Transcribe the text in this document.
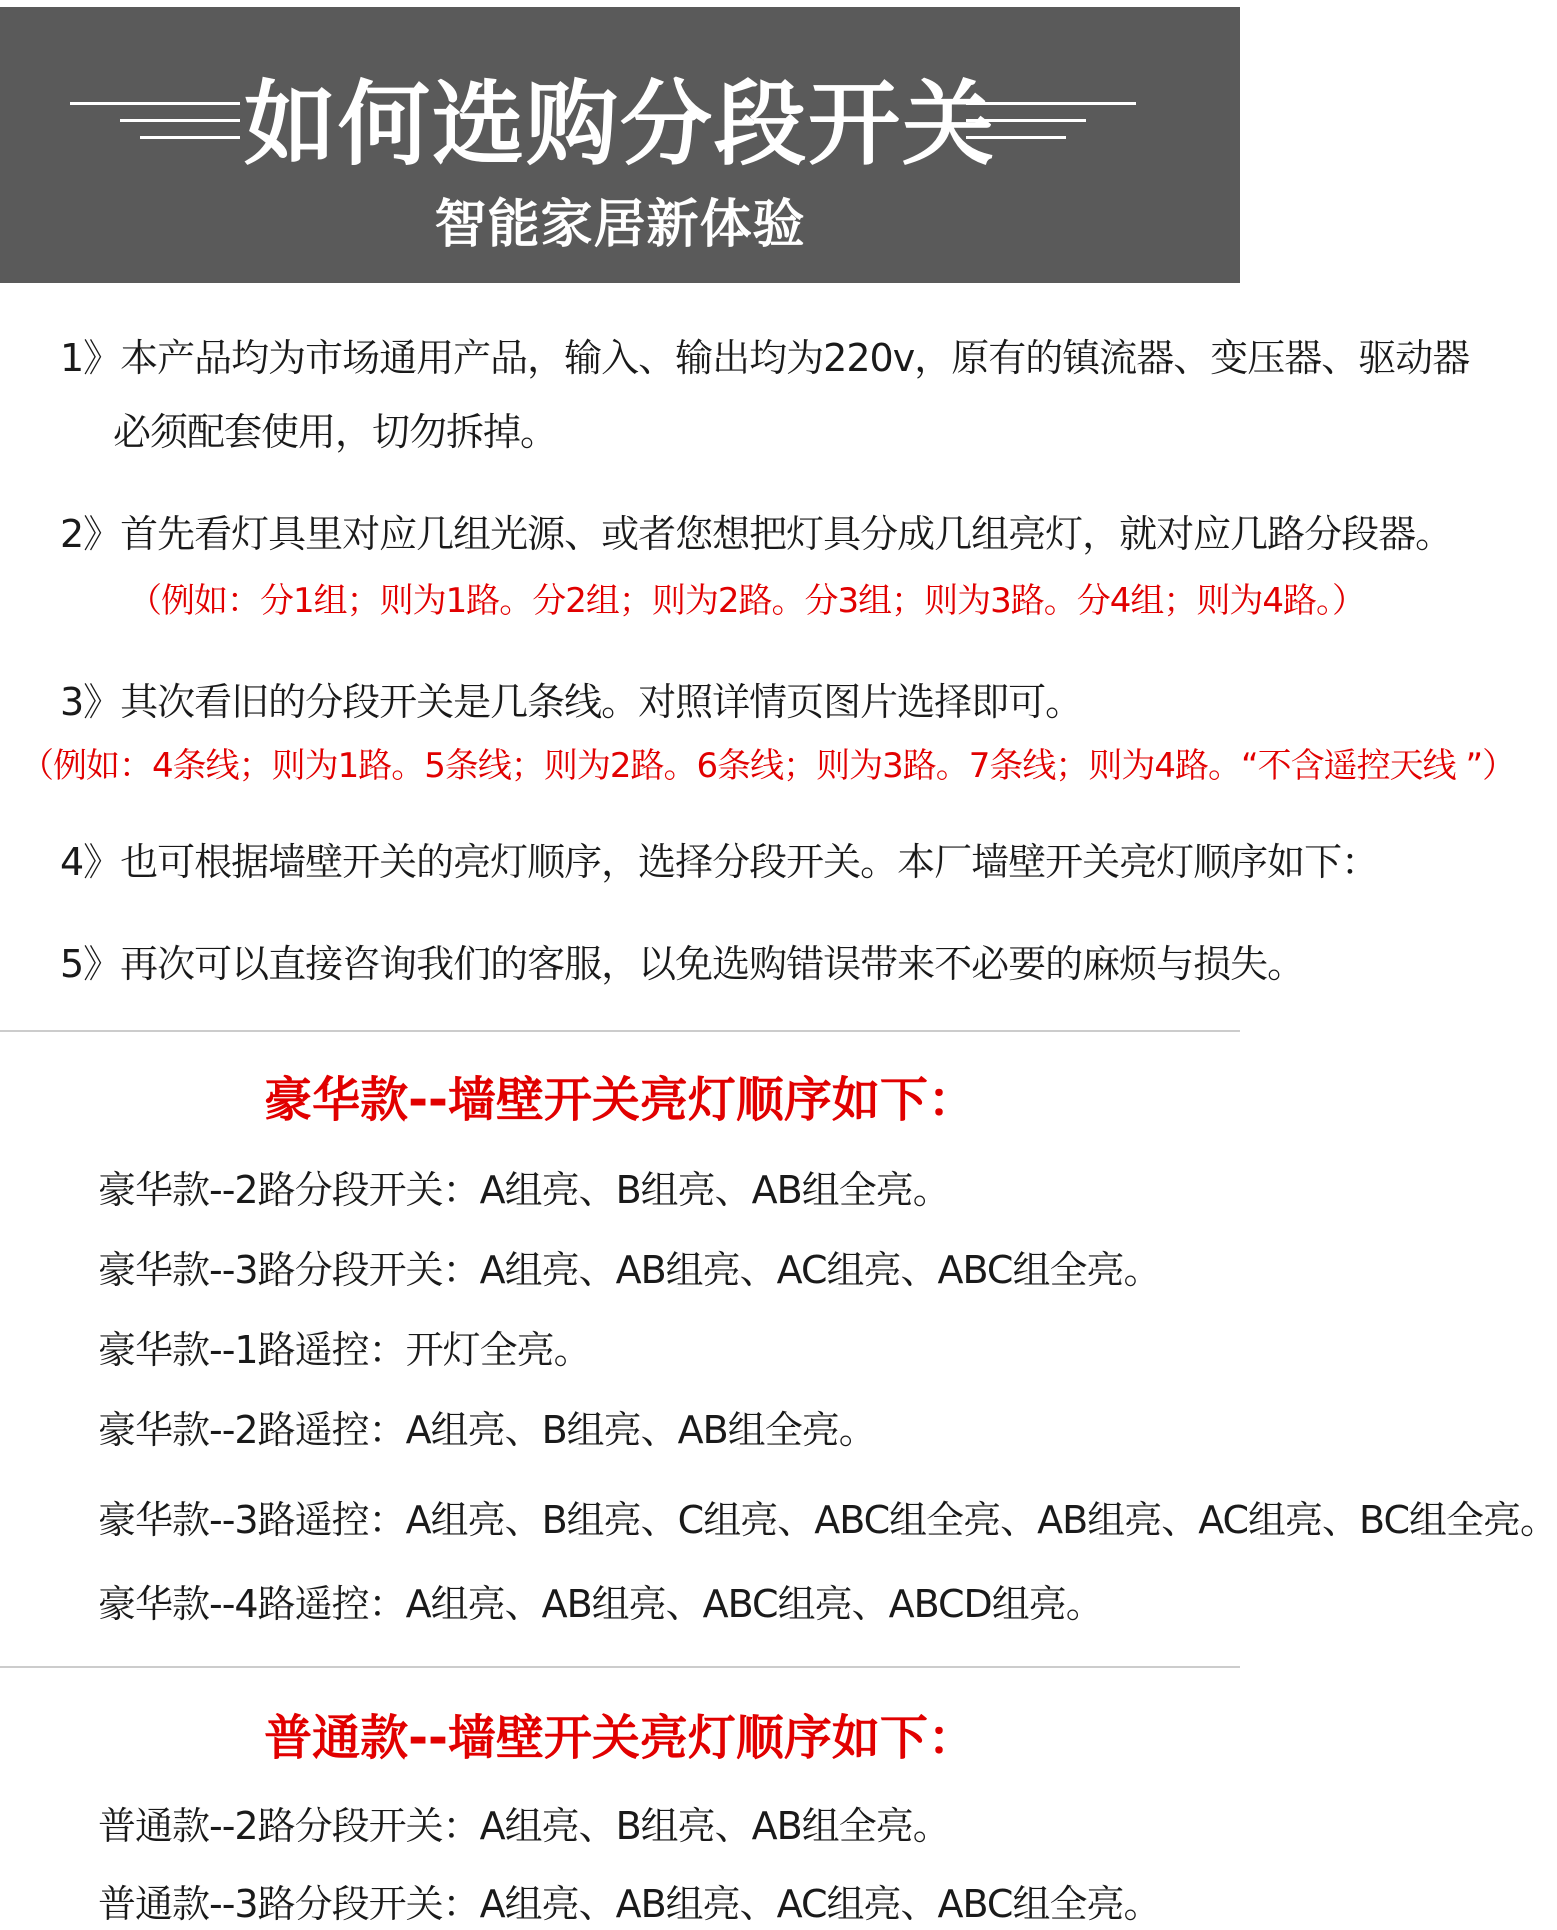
如何选购分段开关
智能家居新体验
1》本产品均为市场通用产品，输入、输出均为220v，原有的镇流器、变压器、驱动器
必须配套使用，切勿拆掉。
2》首先看灯具里对应几组光源、或者您想把灯具分成几组亮灯，就对应几路分段器。
（例如：分1组；则为1路。分2组；则为2路。分3组；则为3路。分4组；则为4路。）
3》其次看旧的分段开关是几条线。对照详情页图片选择即可。
（例如：4条线；则为1路。5条线；则为2路。6条线；则为3路。7条线；则为4路。“不含遥控天线 ”）
4》也可根据墙壁开关的亮灯顺序，选择分段开关。本厂墙壁开关亮灯顺序如下：
5》再次可以直接咨询我们的客服，以免选购错误带来不必要的麻烦与损失。
豪华款--墙壁开关亮灯顺序如下：
豪华款--2路分段开关：A组亮、B组亮、AB组全亮。
豪华款--3路分段开关：A组亮、AB组亮、AC组亮、ABC组全亮。
豪华款--1路遥控：开灯全亮。
豪华款--2路遥控：A组亮、B组亮、AB组全亮。
豪华款--3路遥控：A组亮、B组亮、C组亮、ABC组全亮、AB组亮、AC组亮、BC组全亮。
豪华款--4路遥控：A组亮、AB组亮、ABC组亮、ABCD组亮。
普通款--墙壁开关亮灯顺序如下：
普通款--2路分段开关：A组亮、B组亮、AB组全亮。
普通款--3路分段开关：A组亮、AB组亮、AC组亮、ABC组全亮。
